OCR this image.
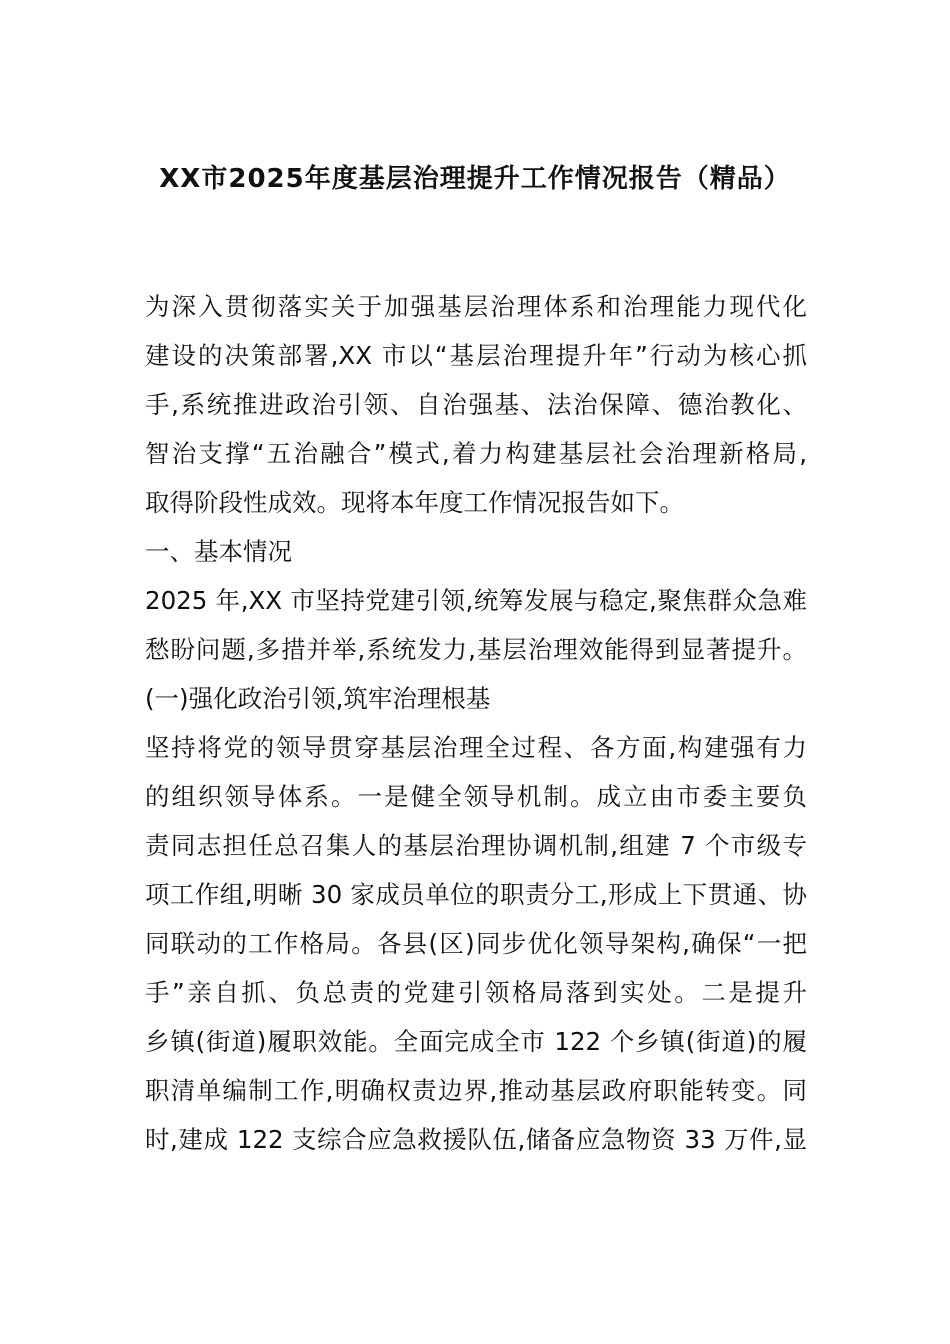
XX市2025年度基层治理提升工作情况报告（精品）
为深入贯彻落实关于加强基层治理体系和治理能力现代化
建设的决策部署,XX 市以“基层治理提升年”行动为核心抓
手,系统推进政治引领、自治强基、法治保障、德治教化、
智治支撑“五治融合”模式,着力构建基层社会治理新格局,
取得阶段性成效。现将本年度工作情况报告如下。
一、基本情况
2025 年,XX 市坚持党建引领,统筹发展与稳定,聚焦群众急难
愁盼问题,多措并举,系统发力,基层治理效能得到显著提升。
(一)强化政治引领,筑牢治理根基
坚持将党的领导贯穿基层治理全过程、各方面,构建强有力
的组织领导体系。一是健全领导机制。成立由市委主要负
责同志担任总召集人的基层治理协调机制,组建 7 个市级专
项工作组,明晰 30 家成员单位的职责分工,形成上下贯通、协
同联动的工作格局。各县(区)同步优化领导架构,确保“一把
手”亲自抓、负总责的党建引领格局落到实处。二是提升
乡镇(街道)履职效能。全面完成全市 122 个乡镇(街道)的履
职清单编制工作,明确权责边界,推动基层政府职能转变。同
时,建成 122 支综合应急救援队伍,储备应急物资 33 万件,显
